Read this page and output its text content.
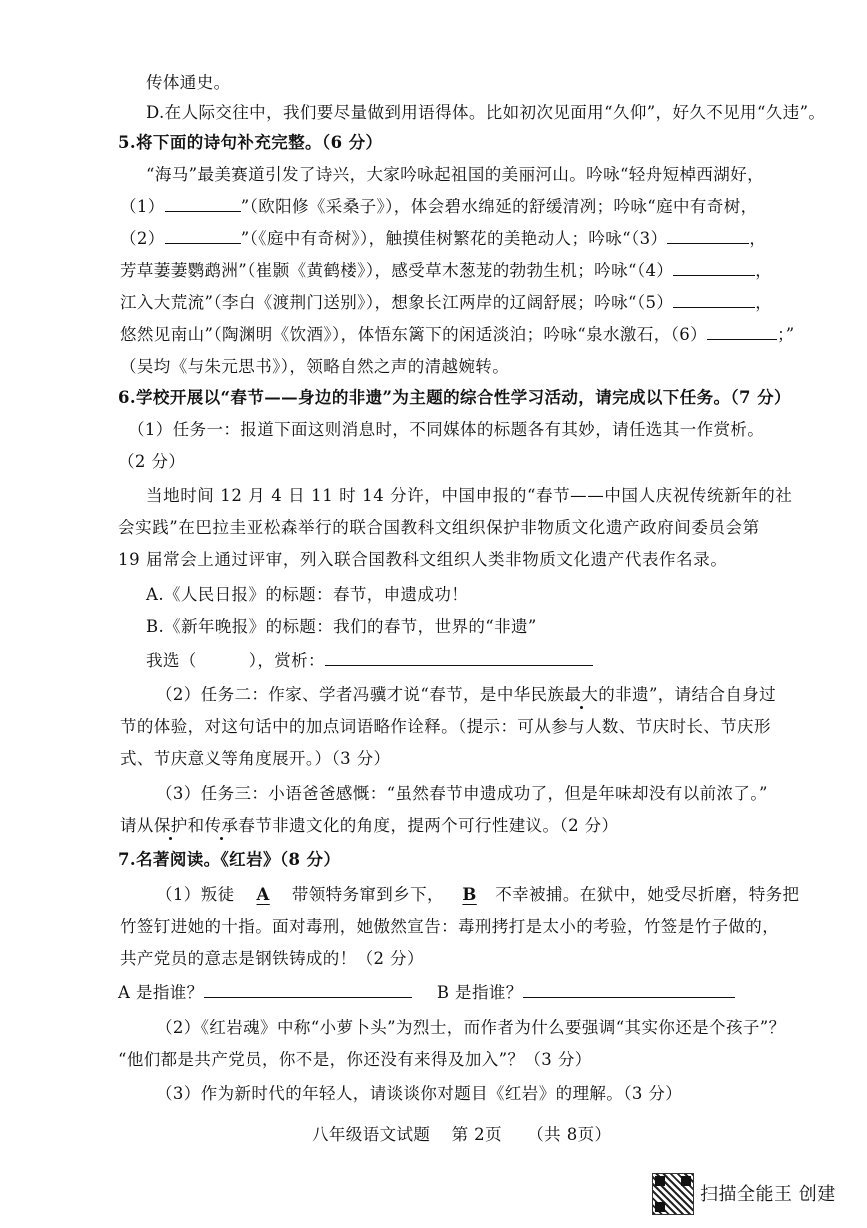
传体通史。
D.在人际交往中，我们要尽量做到用语得体。比如初次见面用“久仰”，好久不见用“久违”。
5.将下面的诗句补充完整。（6 分）
“海马”最美赛道引发了诗兴，大家吟咏起祖国的美丽河山。吟咏“轻舟短棹西湖好，
（1）	”（欧阳修《采桑子》），体会碧水绵延的舒缓清冽；吟咏“庭中有奇树，
（2）	”（《庭中有奇树》），触摸佳树繁花的美艳动人；吟咏“（3）	，
芳草萋萋鹦鹉洲”（崔颢《黄鹤楼》），感受草木葱茏的勃勃生机；吟咏“（4）	，
江入大荒流”（李白《渡荆门送别》），想象长江两岸的辽阔舒展；吟咏“（5）	，
悠然见南山”（陶渊明《饮酒》），体悟东篱下的闲适淡泊；吟咏“泉水激石，（6）	；”
（吴均《与朱元思书》），领略自然之声的清越婉转。
6.学校开展以“春节——身边的非遗”为主题的综合性学习活动，请完成以下任务。（7 分）
（1）任务一：报道下面这则消息时，不同媒体的标题各有其妙，请任选其一作赏析。
（2 分）
当地时间 12 月 4 日 11 时 14 分许，中国申报的“春节——中国人庆祝传统新年的社
会实践”在巴拉圭亚松森举行的联合国教科文组织保护非物质文化遗产政府间委员会第
19 届常会上通过评审，列入联合国教科文组织人类非物质文化遗产代表作名录。
A.《人民日报》的标题：春节，申遗成功！
B.《新年晚报》的标题：我们的春节，世界的“非遗”
我选（	），赏析：
（2）任务二：作家、学者冯骥才说“春节，是中华民族最大的非遗”，请结合自身过
节的体验，对这句话中的加点词语略作诠释。（提示：可从参与人数、节庆时长、节庆形
式、节庆意义等角度展开。）（3 分）
（3）任务三：小语爸爸感慨：“虽然春节申遗成功了，但是年味却没有以前浓了。”
请从保护和传承春节非遗文化的角度，提两个可行性建议。（2 分）
7.名著阅读。《红岩》（8 分）
（1）叛徒 A 带领特务窜到乡下， B 不幸被捕。在狱中，她受尽折磨，特务把
竹签钉进她的十指。面对毒刑，她傲然宣告：毒刑拷打是太小的考验，竹签是竹子做的，
共产党员的意志是钢铁铸成的！（2 分）
A 是指谁？	B 是指谁？
（2）《红岩魂》中称“小萝卜头”为烈士，而作者为什么要强调“其实你还是个孩子”？
“他们都是共产党员，你不是，你还没有来得及加入”？（3 分）
（3）作为新时代的年轻人，请谈谈你对题目《红岩》的理解。（3 分）
八年级语文试题 第 2页 （共 8页）
扫描全能王 创建
